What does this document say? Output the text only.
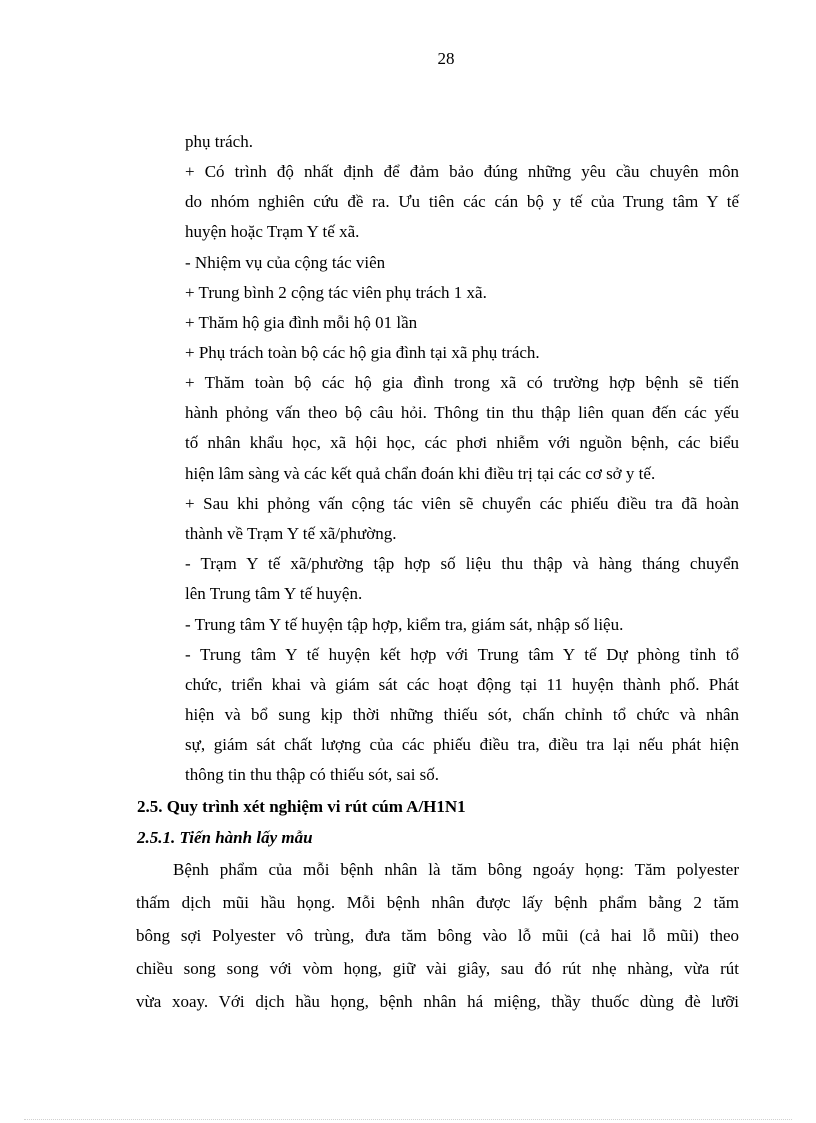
28
phụ trách.
+ Có trình độ nhất định để đảm bảo đúng những yêu cầu chuyên môn
do nhóm nghiên cứu đề ra. Ưu tiên các cán bộ y tế của Trung tâm Y tế
huyện hoặc Trạm Y tế xã.
- Nhiệm vụ của cộng tác viên
+ Trung bình 2 cộng tác viên phụ trách 1 xã.
+ Thăm hộ gia đình mỗi hộ 01 lần
+ Phụ trách toàn bộ các hộ gia đình tại xã phụ trách.
+ Thăm toàn bộ các hộ gia đình trong xã có trường hợp bệnh sẽ tiến
hành phỏng vấn theo bộ câu hỏi. Thông tin thu thập liên quan đến các yếu
tố nhân khẩu học, xã hội học, các phơi nhiễm với nguồn bệnh, các biểu
hiện lâm sàng và các kết quả chẩn đoán khi điều trị tại các cơ sở y tế.
+ Sau khi phỏng vấn cộng tác viên sẽ chuyển các phiếu điều tra đã hoàn
thành về Trạm Y tế xã/phường.
- Trạm Y tế xã/phường tập hợp số liệu thu thập và hàng tháng chuyển
lên Trung tâm Y tế huyện.
- Trung tâm Y tế huyện tập hợp, kiểm tra, giám sát, nhập số liệu.
- Trung tâm Y tế huyện kết hợp với Trung tâm Y tế Dự phòng tỉnh tổ
chức, triển khai và giám sát các hoạt động tại 11 huyện thành phố. Phát
hiện và bổ sung kịp thời những thiếu sót, chấn chỉnh tổ chức và nhân
sự, giám sát chất lượng của các phiếu điều tra, điều tra lại nếu phát hiện
thông tin thu thập có thiếu sót, sai số.
2.5. Quy trình xét nghiệm vi rút cúm A/H1N1
2.5.1. Tiến hành lấy mẫu
Bệnh phẩm của mỗi bệnh nhân là tăm bông ngoáy họng: Tăm polyester
thấm dịch mũi hầu họng. Mỗi bệnh nhân được lấy bệnh phẩm bằng 2 tăm
bông sợi Polyester vô trùng, đưa tăm bông vào lỗ mũi (cả hai lỗ mũi) theo
chiều song song với vòm họng, giữ vài giây, sau đó rút nhẹ nhàng, vừa rút
vừa xoay. Với dịch hầu họng, bệnh nhân há miệng, thầy thuốc dùng đè lưỡi
